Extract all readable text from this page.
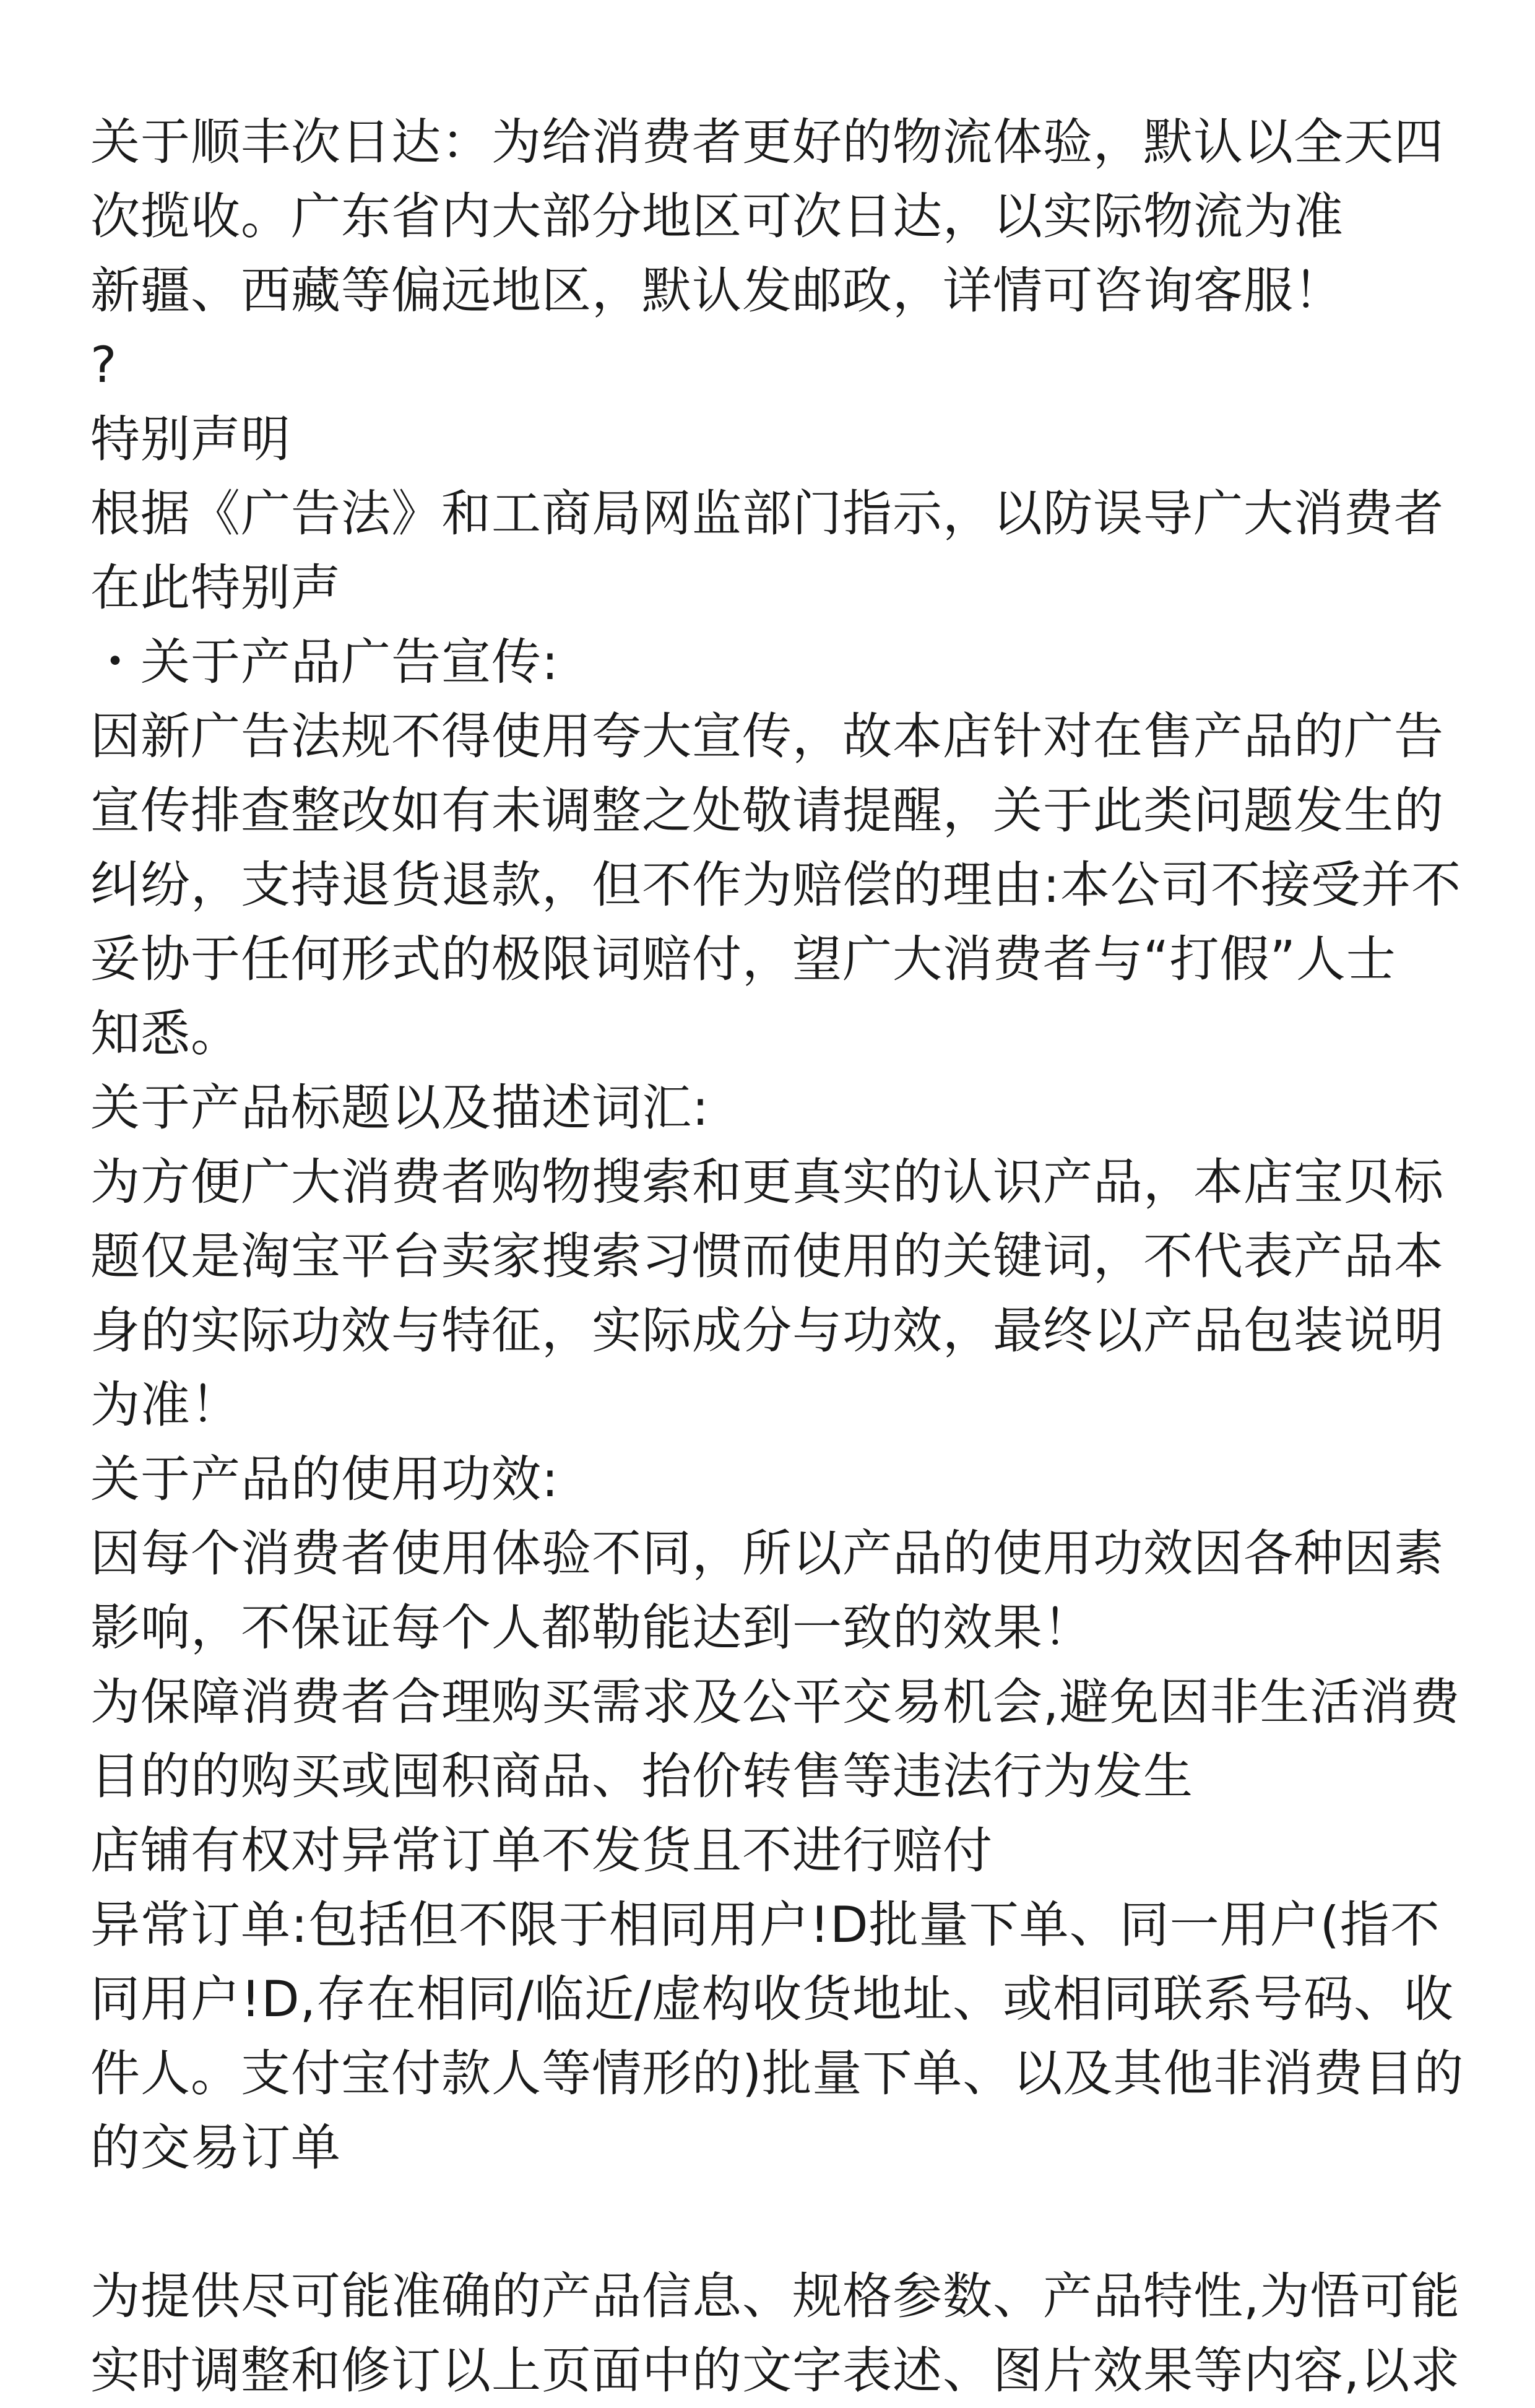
关于顺丰次日达：为给消费者更好的物流体验，默认以全天四
次揽收。广东省内大部分地区可次日达，以实际物流为准
新疆、西藏等偏远地区，默认发邮政，详情可咨询客服！
?
特别声明
根据《广告法》和工商局网监部门指示，以防误导广大消费者
在此特别声
・关于产品广告宣传:
因新广告法规不得使用夸大宣传，故本店针对在售产品的广告
宣传排查整改如有未调整之处敬请提醒，关于此类问题发生的
纠纷，支持退货退款，但不作为赔偿的理由:本公司不接受并不
妥协于任何形式的极限词赔付，望广大消费者与“打假”人士
知悉。
关于产品标题以及描述词汇:
为方便广大消费者购物搜索和更真实的认识产品，本店宝贝标
题仅是淘宝平台卖家搜索习惯而使用的关键词，不代表产品本
身的实际功效与特征，实际成分与功效，最终以产品包装说明
为准！
关于产品的使用功效:
因每个消费者使用体验不同，所以产品的使用功效因各种因素
影响，不保证每个人都勒能达到一致的效果！
为保障消费者合理购买需求及公平交易机会,避免因非生活消费
目的的购买或囤积商品、抬价转售等违法行为发生
店铺有权对异常订单不发货且不进行赔付
异常订单:包括但不限于相同用户!D批量下单、同一用户(指不
同用户!D,存在相同/临近/虚构收货地址、或相同联系号码、收
件人。支付宝付款人等情形的)批量下单、以及其他非消费目的
的交易订单
为提供尽可能准确的产品信息、规格参数、产品特性,为悟可能
实时调整和修订以上页面中的文字表述、图片效果等内容,以求
